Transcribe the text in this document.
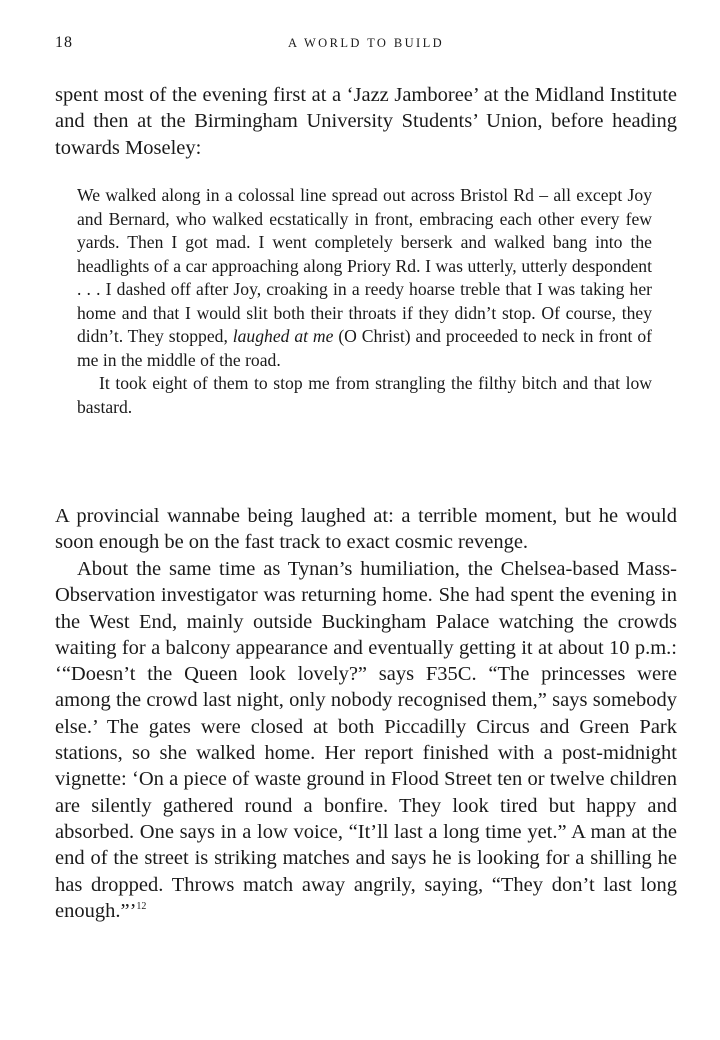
18	A WORLD TO BUILD

spent most of the evening first at a ‘Jazz Jamboree’ at the Midland Institute and then at the Birmingham University Students’ Union, before heading towards Moseley:

We walked along in a colossal line spread out across Bristol Rd – all except Joy and Bernard, who walked ecstatically in front, embracing each other every few yards. Then I got mad. I went completely berserk and walked bang into the headlights of a car approaching along Priory Rd. I was utterly, utterly despondent . . . I dashed off after Joy, croaking in a reedy hoarse treble that I was taking her home and that I would slit both their throats if they didn’t stop. Of course, they didn’t. They stopped, laughed at me (O Christ) and proceeded to neck in front of me in the middle of the road.

It took eight of them to stop me from strangling the filthy bitch and that low bastard.

A provincial wannabe being laughed at: a terrible moment, but he would soon enough be on the fast track to exact cosmic revenge.

About the same time as Tynan’s humiliation, the Chelsea-based Mass-Observation investigator was returning home. She had spent the evening in the West End, mainly outside Buckingham Palace watching the crowds waiting for a balcony appearance and eventually getting it at about 10 p.m.: ‘“Doesn’t the Queen look lovely?” says F35C. “The princesses were among the crowd last night, only nobody recognised them,” says somebody else.’ The gates were closed at both Piccadilly Circus and Green Park stations, so she walked home. Her report finished with a post-midnight vignette: ‘On a piece of waste ground in Flood Street ten or twelve children are silently gathered round a bonfire. They look tired but happy and absorbed. One says in a low voice, “It’ll last a long time yet.” A man at the end of the street is striking matches and says he is looking for a shilling he has dropped. Throws match away angrily, saying, “They don’t last long enough.”’$^{12}$
